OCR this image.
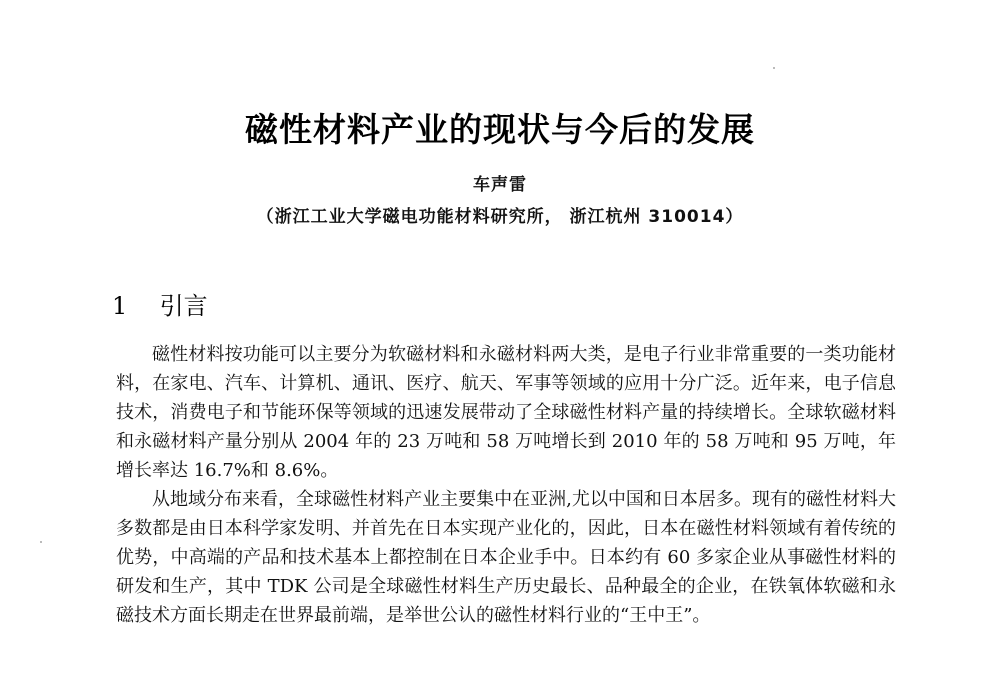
磁性材料产业的现状与今后的发展
车声雷
（浙江工业大学磁电功能材料研究所， 浙江杭州 310014）
1 引言

磁性材料按功能可以主要分为软磁材料和永磁材料两大类，是电子行业非常重要的一类功能材料，在家电、汽车、计算机、通讯、医疗、航天、军事等领域的应用十分广泛。近年来，电子信息技术，消费电子和节能环保等领域的迅速发展带动了全球磁性材料产量的持续增长。全球软磁材料和永磁材料产量分别从 2004 年的 23 万吨和 58 万吨增长到 2010 年的 58 万吨和 95 万吨，年增长率达 16.7%和 8.6%。

从地域分布来看，全球磁性材料产业主要集中在亚洲,尤以中国和日本居多。现有的磁性材料大多数都是由日本科学家发明、并首先在日本实现产业化的，因此，日本在磁性材料领域有着传统的优势，中高端的产品和技术基本上都控制在日本企业手中。日本约有 60 多家企业从事磁性材料的研发和生产，其中 TDK 公司是全球磁性材料生产历史最长、品种最全的企业，在铁氧体软磁和永磁技术方面长期走在世界最前端，是举世公认的磁性材料行业的“王中王”。
